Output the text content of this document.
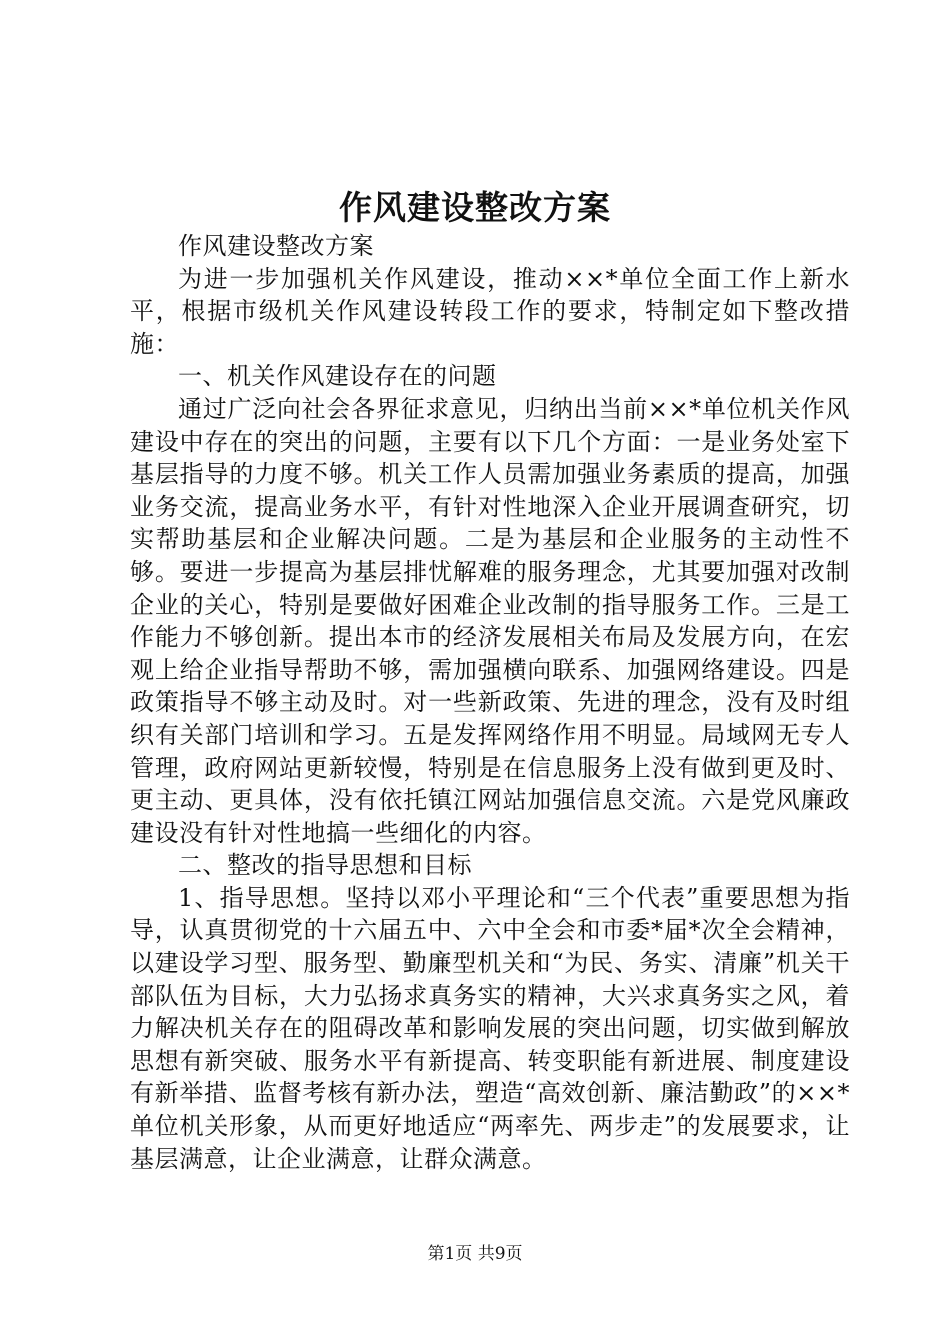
作风建设整改方案

作风建设整改方案

为进一步加强机关作风建设，推动××*单位全面工作上新水平，根据市级机关作风建设转段工作的要求，特制定如下整改措施：

一、机关作风建设存在的问题

通过广泛向社会各界征求意见，归纳出当前××*单位机关作风建设中存在的突出的问题，主要有以下几个方面：一是业务处室下基层指导的力度不够。机关工作人员需加强业务素质的提高，加强业务交流，提高业务水平，有针对性地深入企业开展调查研究，切实帮助基层和企业解决问题。二是为基层和企业服务的主动性不够。要进一步提高为基层排忧解难的服务理念，尤其要加强对改制企业的关心，特别是要做好困难企业改制的指导服务工作。三是工作能力不够创新。提出本市的经济发展相关布局及发展方向，在宏观上给企业指导帮助不够，需加强横向联系、加强网络建设。四是政策指导不够主动及时。对一些新政策、先进的理念，没有及时组织有关部门培训和学习。五是发挥网络作用不明显。局域网无专人管理，政府网站更新较慢，特别是在信息服务上没有做到更及时、更主动、更具体，没有依托镇江网站加强信息交流。六是党风廉政建设没有针对性地搞一些细化的内容。

二、整改的指导思想和目标

1、指导思想。坚持以邓小平理论和“三个代表”重要思想为指导，认真贯彻党的十六届五中、六中全会和市委*届*次全会精神，以建设学习型、服务型、勤廉型机关和“为民、务实、清廉”机关干部队伍为目标，大力弘扬求真务实的精神，大兴求真务实之风，着力解决机关存在的阻碍改革和影响发展的突出问题，切实做到解放思想有新突破、服务水平有新提高、转变职能有新进展、制度建设有新举措、监督考核有新办法，塑造“高效创新、廉洁勤政”的××*单位机关形象，从而更好地适应“两率先、两步走”的发展要求，让基层满意，让企业满意，让群众满意。

第1页 共9页
